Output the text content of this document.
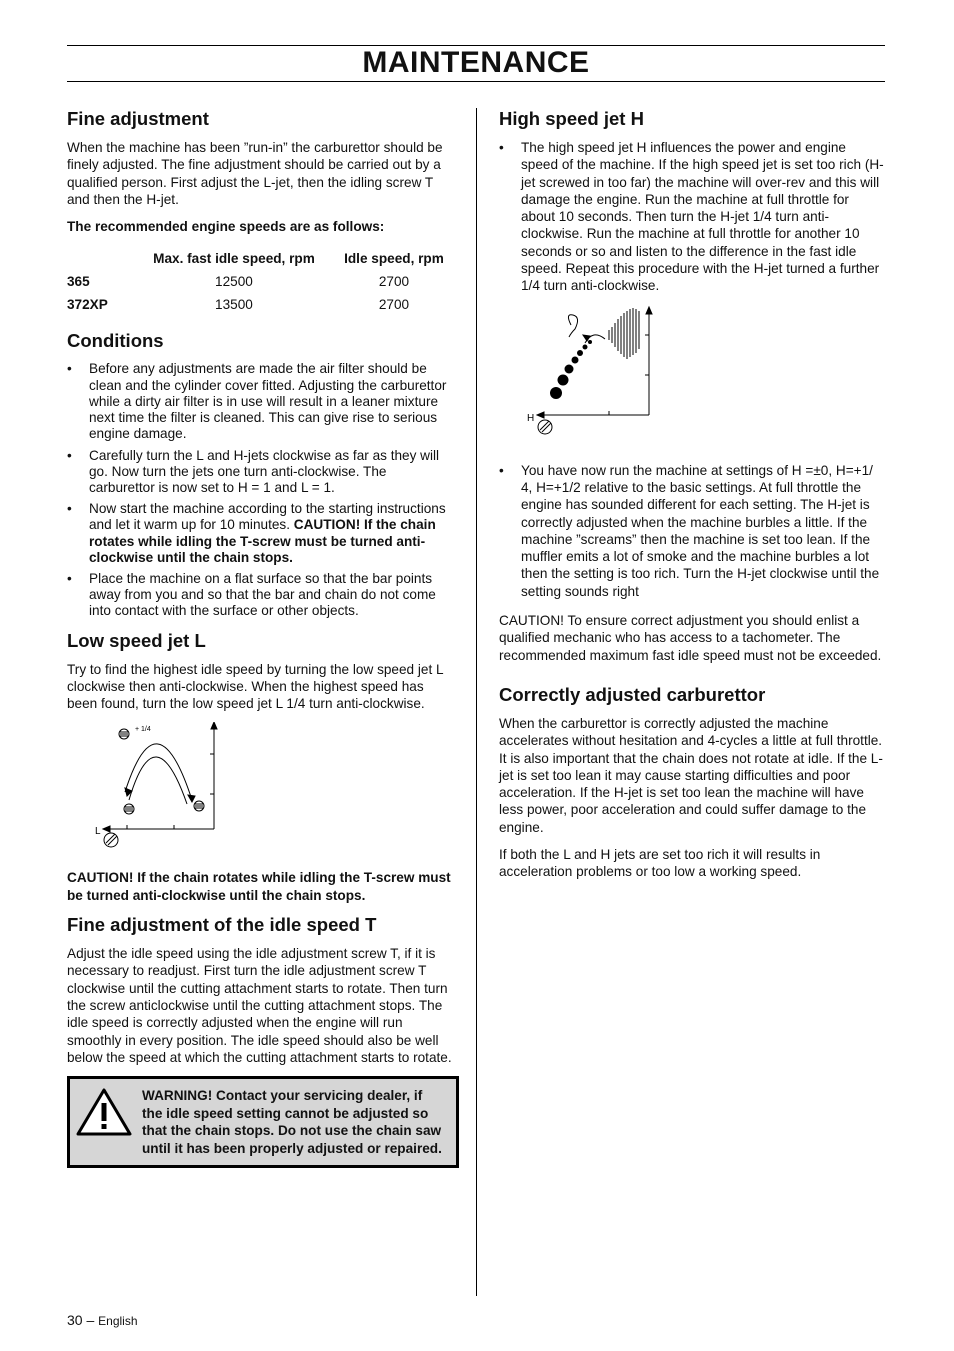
MAINTENANCE
Fine adjustment

When the machine has been ”run-in” the carburettor should be finely adjusted. The fine adjustment should be carried out by a qualified person. First adjust the L-jet, then the idling screw T and then the H-jet.

The recommended engine speeds are as follows:

	Max. fast idle speed, rpm	Idle speed, rpm
365	12500	2700
372XP	13500	2700
Conditions
• Before any adjustments are made the air filter should be clean and the cylinder cover fitted. Adjusting the carburettor while a dirty air filter is in use will result in a leaner mixture next time the filter is cleaned. This can give rise to serious engine damage.
• Carefully turn the L and H-jets clockwise as far as they will go. Now turn the jets one turn anti-clockwise. The carburettor is now set to H = 1 and L = 1.
• Now start the machine according to the starting instructions and let it warm up for 10 minutes. CAUTION! If the chain rotates while idling the T-screw must be turned anti-clockwise until the chain stops.
• Place the machine on a flat surface so that the bar points away from you and so that the bar and chain do not come into contact with the surface or other objects.
Low speed jet L

Try to find the highest idle speed by turning the low speed jet L clockwise then anti-clockwise. When the highest speed has been found, turn the low speed jet L 1/4 turn anti-clockwise.

+ 1/4
L

CAUTION! If the chain rotates while idling the T-screw must be turned anti-clockwise until the chain stops.

Fine adjustment of the idle speed T

Adjust the idle speed using the idle adjustment screw T, if it is necessary to readjust. First turn the idle adjustment screw T clockwise until the cutting attachment starts to rotate. Then turn the screw anticlockwise until the cutting attachment stops. The idle speed is correctly adjusted when the engine will run smoothly in every position. The idle speed should also be well below the speed at which the cutting attachment starts to rotate.

WARNING! Contact your servicing dealer, if the idle speed setting cannot be adjusted so that the chain stops. Do not use the chain saw until it has been properly adjusted or repaired.
High speed jet H
• The high speed jet H influences the power and engine speed of the machine. If the high speed jet is set too rich (H-jet screwed in too far) the machine will over-rev and this will damage the engine. Run the machine at full throttle for about 10 seconds. Then turn the H-jet 1/4 turn anti-clockwise. Run the machine at full throttle for another 10 seconds or so and listen to the difference in the fast idle speed. Repeat this procedure with the H-jet turned a further 1/4 turn anti-clockwise.
H
• You have now run the machine at settings of H =±0, H=+1/ 4, H=+1/2 relative to the basic settings. At full throttle the engine has sounded different for each setting. The H-jet is correctly adjusted when the machine burbles a little. If the machine ”screams” then the machine is set too lean. If the muffler emits a lot of smoke and the machine burbles a lot then the setting is too rich. Turn the H-jet clockwise until the setting sounds right

CAUTION! To ensure correct adjustment you should enlist a qualified mechanic who has access to a tachometer. The recommended maximum fast idle speed must not be exceeded.

Correctly adjusted carburettor

When the carburettor is correctly adjusted the machine accelerates without hesitation and 4-cycles a little at full throttle. It is also important that the chain does not rotate at idle. If the L-jet is set too lean it may cause starting difficulties and poor acceleration. If the H-jet is set too lean the machine will have less power, poor acceleration and could suffer damage to the engine.

If both the L and H jets are set too rich it will results in acceleration problems or too low a working speed.

30 – English
